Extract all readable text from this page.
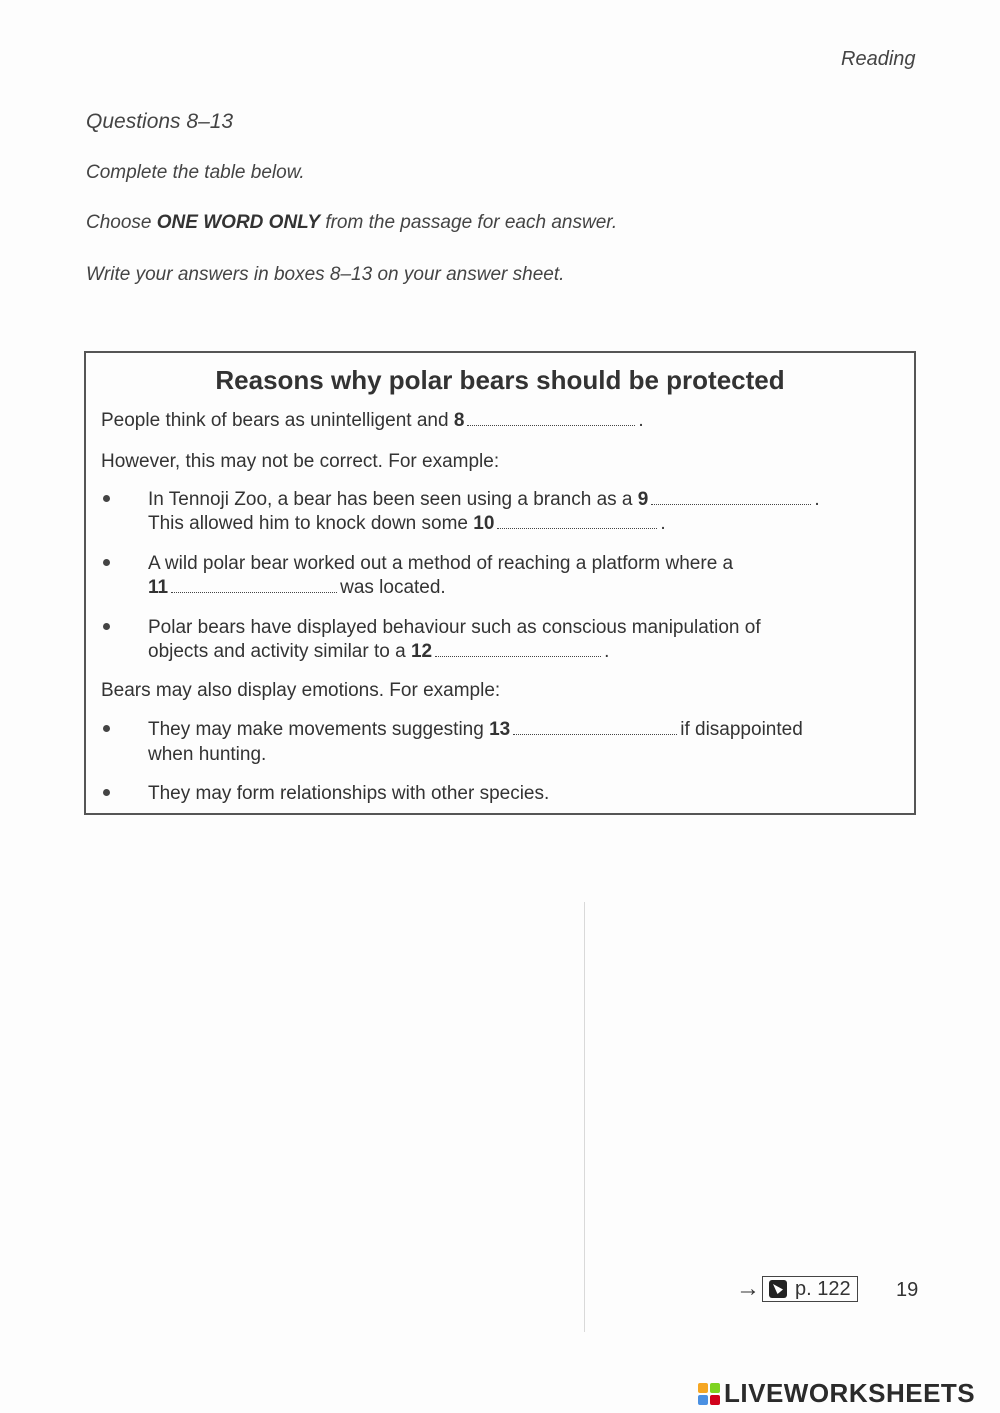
Reading
Questions 8–13
Complete the table below.
Choose ONE WORD ONLY from the passage for each answer.
Write your answers in boxes 8–13 on your answer sheet.
Reasons why polar bears should be protected
People think of bears as unintelligent and 8	.
However, this may not be correct. For example:
In Tennoji Zoo, a bear has been seen using a branch as a 9	.
This allowed him to knock down some 10	.
A wild polar bear worked out a method of reaching a platform where a
11	was located.
Polar bears have displayed behaviour such as conscious manipulation of
objects and activity similar to a 12	.
Bears may also display emotions. For example:
They may make movements suggesting 13	if disappointed
when hunting.
They may form relationships with other species.
→ p. 122 19
LIVEWORKSHEETS
